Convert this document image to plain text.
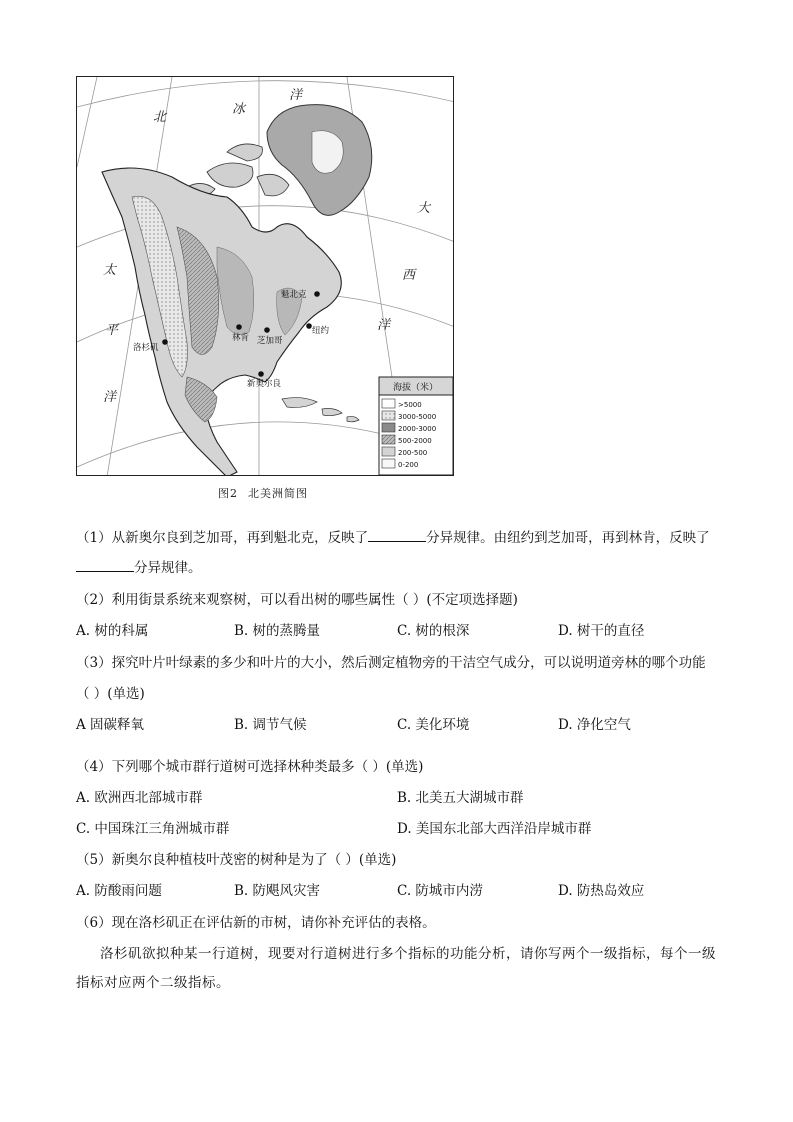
北
冰
洋
大
西
洋
太
平
洋
魁北克
林肯 芝加哥
纽约
洛杉矶
新奥尔良	海拔（米）
>5000
3000-5000
2000-3000
500-2000
200-500
0-200
图2 北美洲简图
（1）从新奥尔良到芝加哥，再到魁北克，反映了	分异规律。由纽约到芝加哥，再到林肯，反映了
分异规律。
（2）利用街景系统来观察树，可以看出树的哪些属性（ ）(不定项选择题)
A. 树的科属	B. 树的蒸腾量	C. 树的根深	D. 树干的直径
（3）探究叶片叶绿素的多少和叶片的大小，然后测定植物旁的干洁空气成分，可以说明道旁林的哪个功能
（ ）(单选)
A 固碳释氧	B. 调节气候	C. 美化环境	D. 净化空气
（4）下列哪个城市群行道树可选择林种类最多（ ）(单选)
A. 欧洲西北部城市群	B. 北美五大湖城市群
C. 中国珠江三角洲城市群	D. 美国东北部大西洋沿岸城市群
（5）新奥尔良种植枝叶茂密的树种是为了（ ）(单选)
A. 防酸雨问题	B. 防飓风灾害	C. 防城市内涝	D. 防热岛效应
（6）现在洛杉矶正在评估新的市树，请你补充评估的表格。
洛杉矶欲拟种某一行道树，现要对行道树进行多个指标的功能分析，请你写两个一级指标，每个一级
指标对应两个二级指标。
